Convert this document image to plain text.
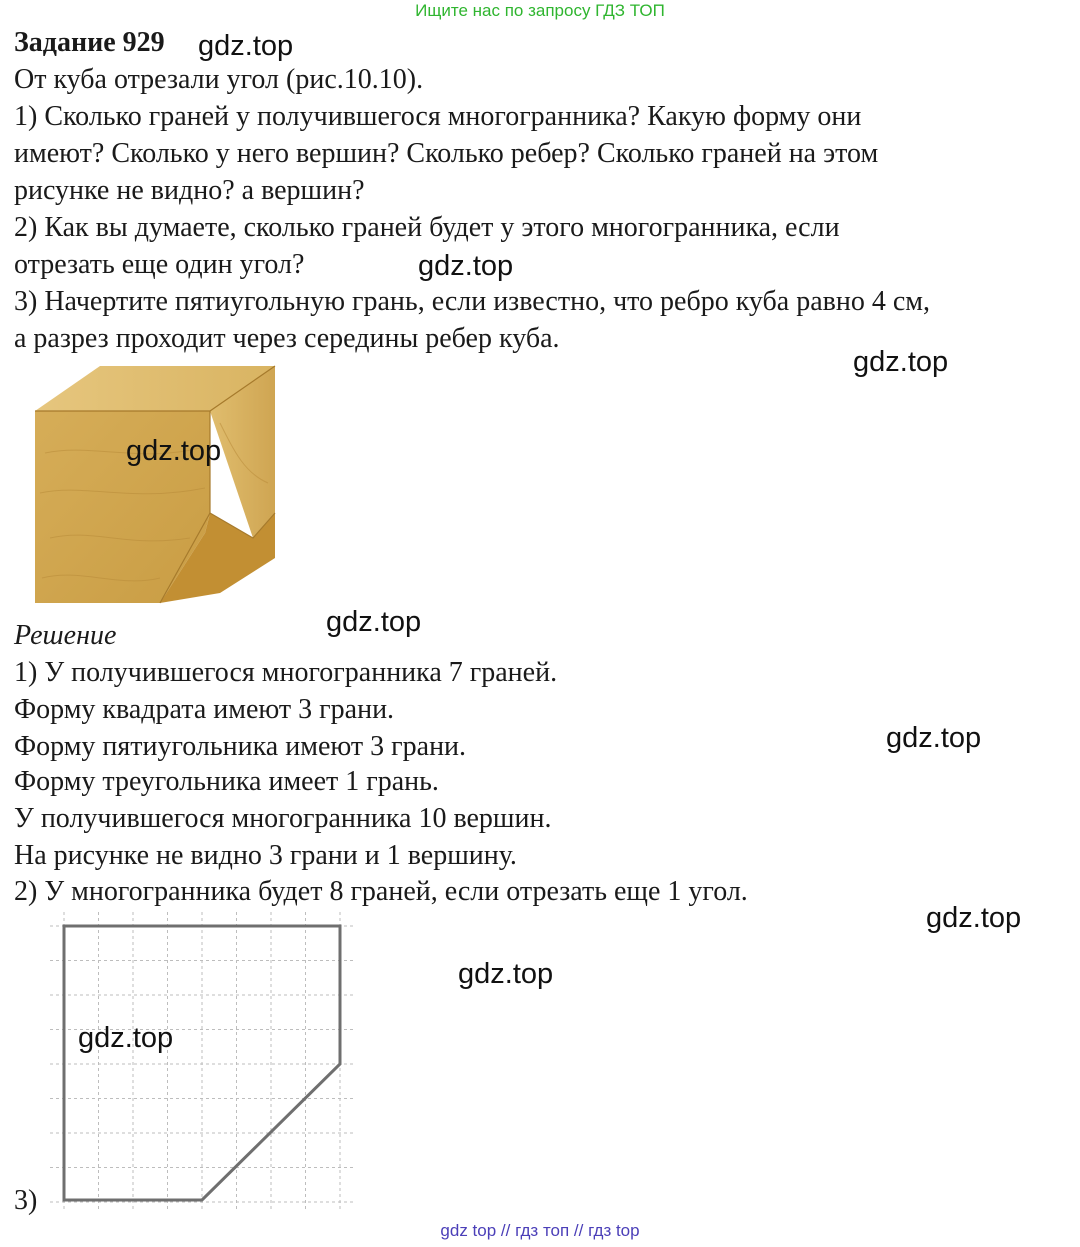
Ищите нас по запросу ГДЗ ТОП
Задание 929
От куба отрезали угол (рис.10.10).
1) Сколько граней у получившегося многогранника? Какую форму они
имеют? Сколько у него вершин? Сколько ребер? Сколько граней на этом
рисунке не видно? а вершин?
2) Как вы думаете, сколько граней будет у этого многогранника, если
отрезать еще один угол?
3) Начертите пятиугольную грань, если известно, что ребро куба равно 4 см,
а разрез проходит через середины ребер куба.
Решение
1) У получившегося многогранника 7 граней.
Форму квадрата имеют 3 грани.
Форму пятиугольника имеют 3 грани.
Форму треугольника имеет 1 грань.
У получившегося многогранника 10 вершин.
На рисунке не видно 3 грани и 1 вершину.
2) У многогранника будет 8 граней, если отрезать еще 1 угол.
3)
gdz.top
gdz.top
gdz.top
gdz.top
gdz.top
gdz.top
gdz.top
gdz.top
gdz.top
gdz top // гдз топ // гдз top
